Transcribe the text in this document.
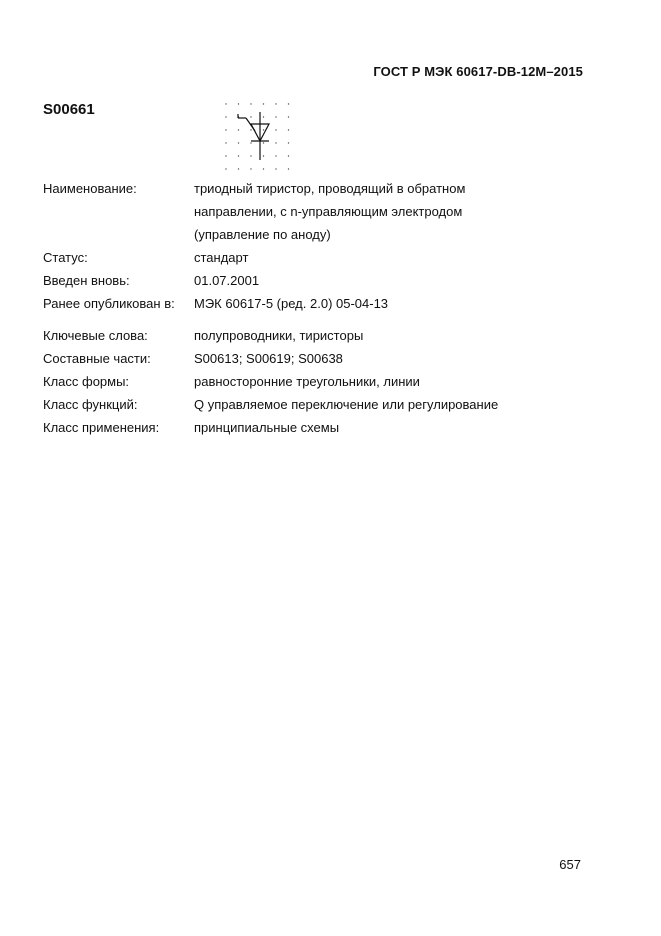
ГОСТ Р МЭК 60617-DB-12M–2015
S00661
Наименование:	триодный тиристор, проводящий в обратном
направлении, с n-управляющим электродом
(управление по аноду)
Статус:	стандарт
Введен вновь:	01.07.2001
Ранее опубликован в:	МЭК 60617-5 (ред. 2.0) 05-04-13
Ключевые слова:	полупроводники, тиристоры
Составные части:	S00613; S00619; S00638
Класс формы:	равносторонние треугольники, линии
Класс функций:	Q управляемое переключение или регулирование
Класс применения:	принципиальные схемы
657
